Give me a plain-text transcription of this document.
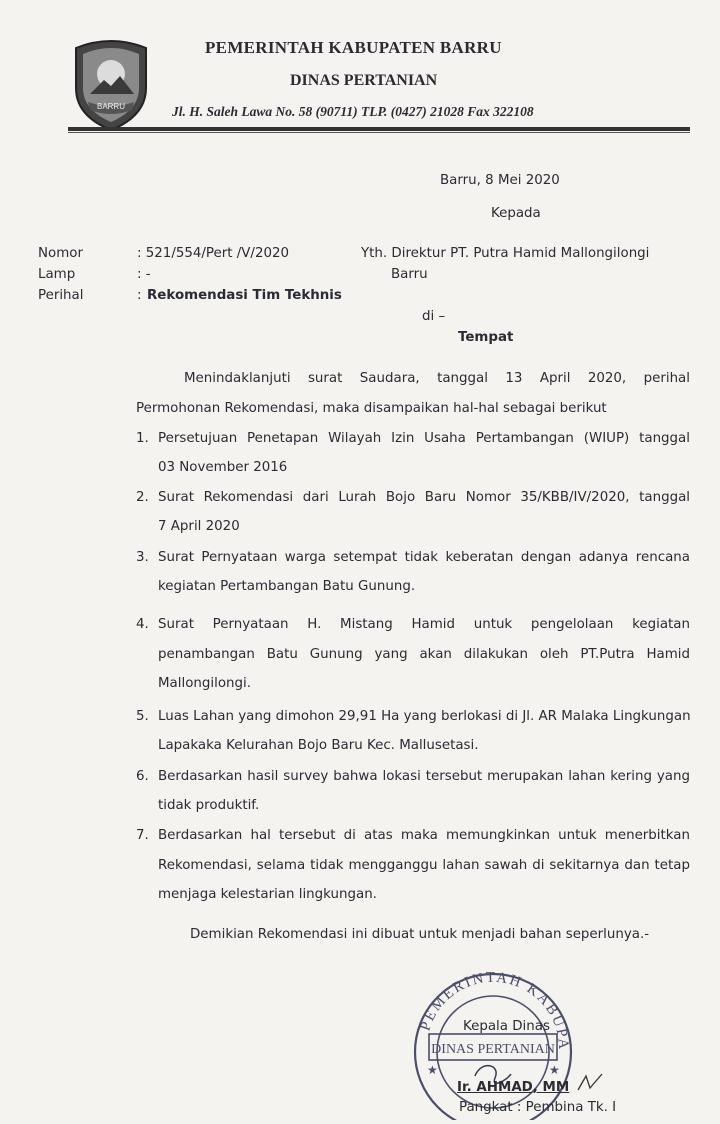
BARRU
PEMERINTAH KABUPATEN BARRU
DINAS PERTANIAN
Jl. H. Saleh Lawa No. 58 (90711) TLP. (0427) 21028 Fax 322108
Barru, 8 Mei 2020
Kepada
Nomor	: 521/554/Pert /V/2020
Lamp	: -
Perihal	: Rekomendasi Tim Tekhnis
Yth. Direktur PT. Putra Hamid Mallongilongi
Barru
di –
Tempat
Menindaklanjuti surat Saudara, tanggal 13 April 2020, perihal
Permohonan Rekomendasi, maka disampaikan hal-hal sebagai berikut
1. Persetujuan Penetapan Wilayah Izin Usaha Pertambangan (WIUP) tanggal
03 November 2016
2. Surat Rekomendasi dari Lurah Bojo Baru Nomor 35/KBB/IV/2020, tanggal
7 April 2020
3. Surat Pernyataan warga setempat tidak keberatan dengan adanya rencana
kegiatan Pertambangan Batu Gunung.
4. Surat Pernyataan H. Mistang Hamid untuk pengelolaan kegiatan
penambangan Batu Gunung yang akan dilakukan oleh PT.Putra Hamid
Mallongilongi.
5. Luas Lahan yang dimohon 29,91 Ha yang berlokasi di Jl. AR Malaka Lingkungan
Lapakaka Kelurahan Bojo Baru Kec. Mallusetasi.
6. Berdasarkan hasil survey bahwa lokasi tersebut merupakan lahan kering yang
tidak produktif.
7. Berdasarkan hal tersebut di atas maka memungkinkan untuk menerbitkan
Rekomendasi, selama tidak mengganggu lahan sawah di sekitarnya dan tetap
menjaga kelestarian lingkungan.
Demikian Rekomendasi ini dibuat untuk menjadi bahan seperlunya.-
PEMERINTAH KABUPA
DINAS PERTANIAN
★	★
Kepala Dinas
Ir. AHMAD, MM
Pangkat : Pembina Tk. I
